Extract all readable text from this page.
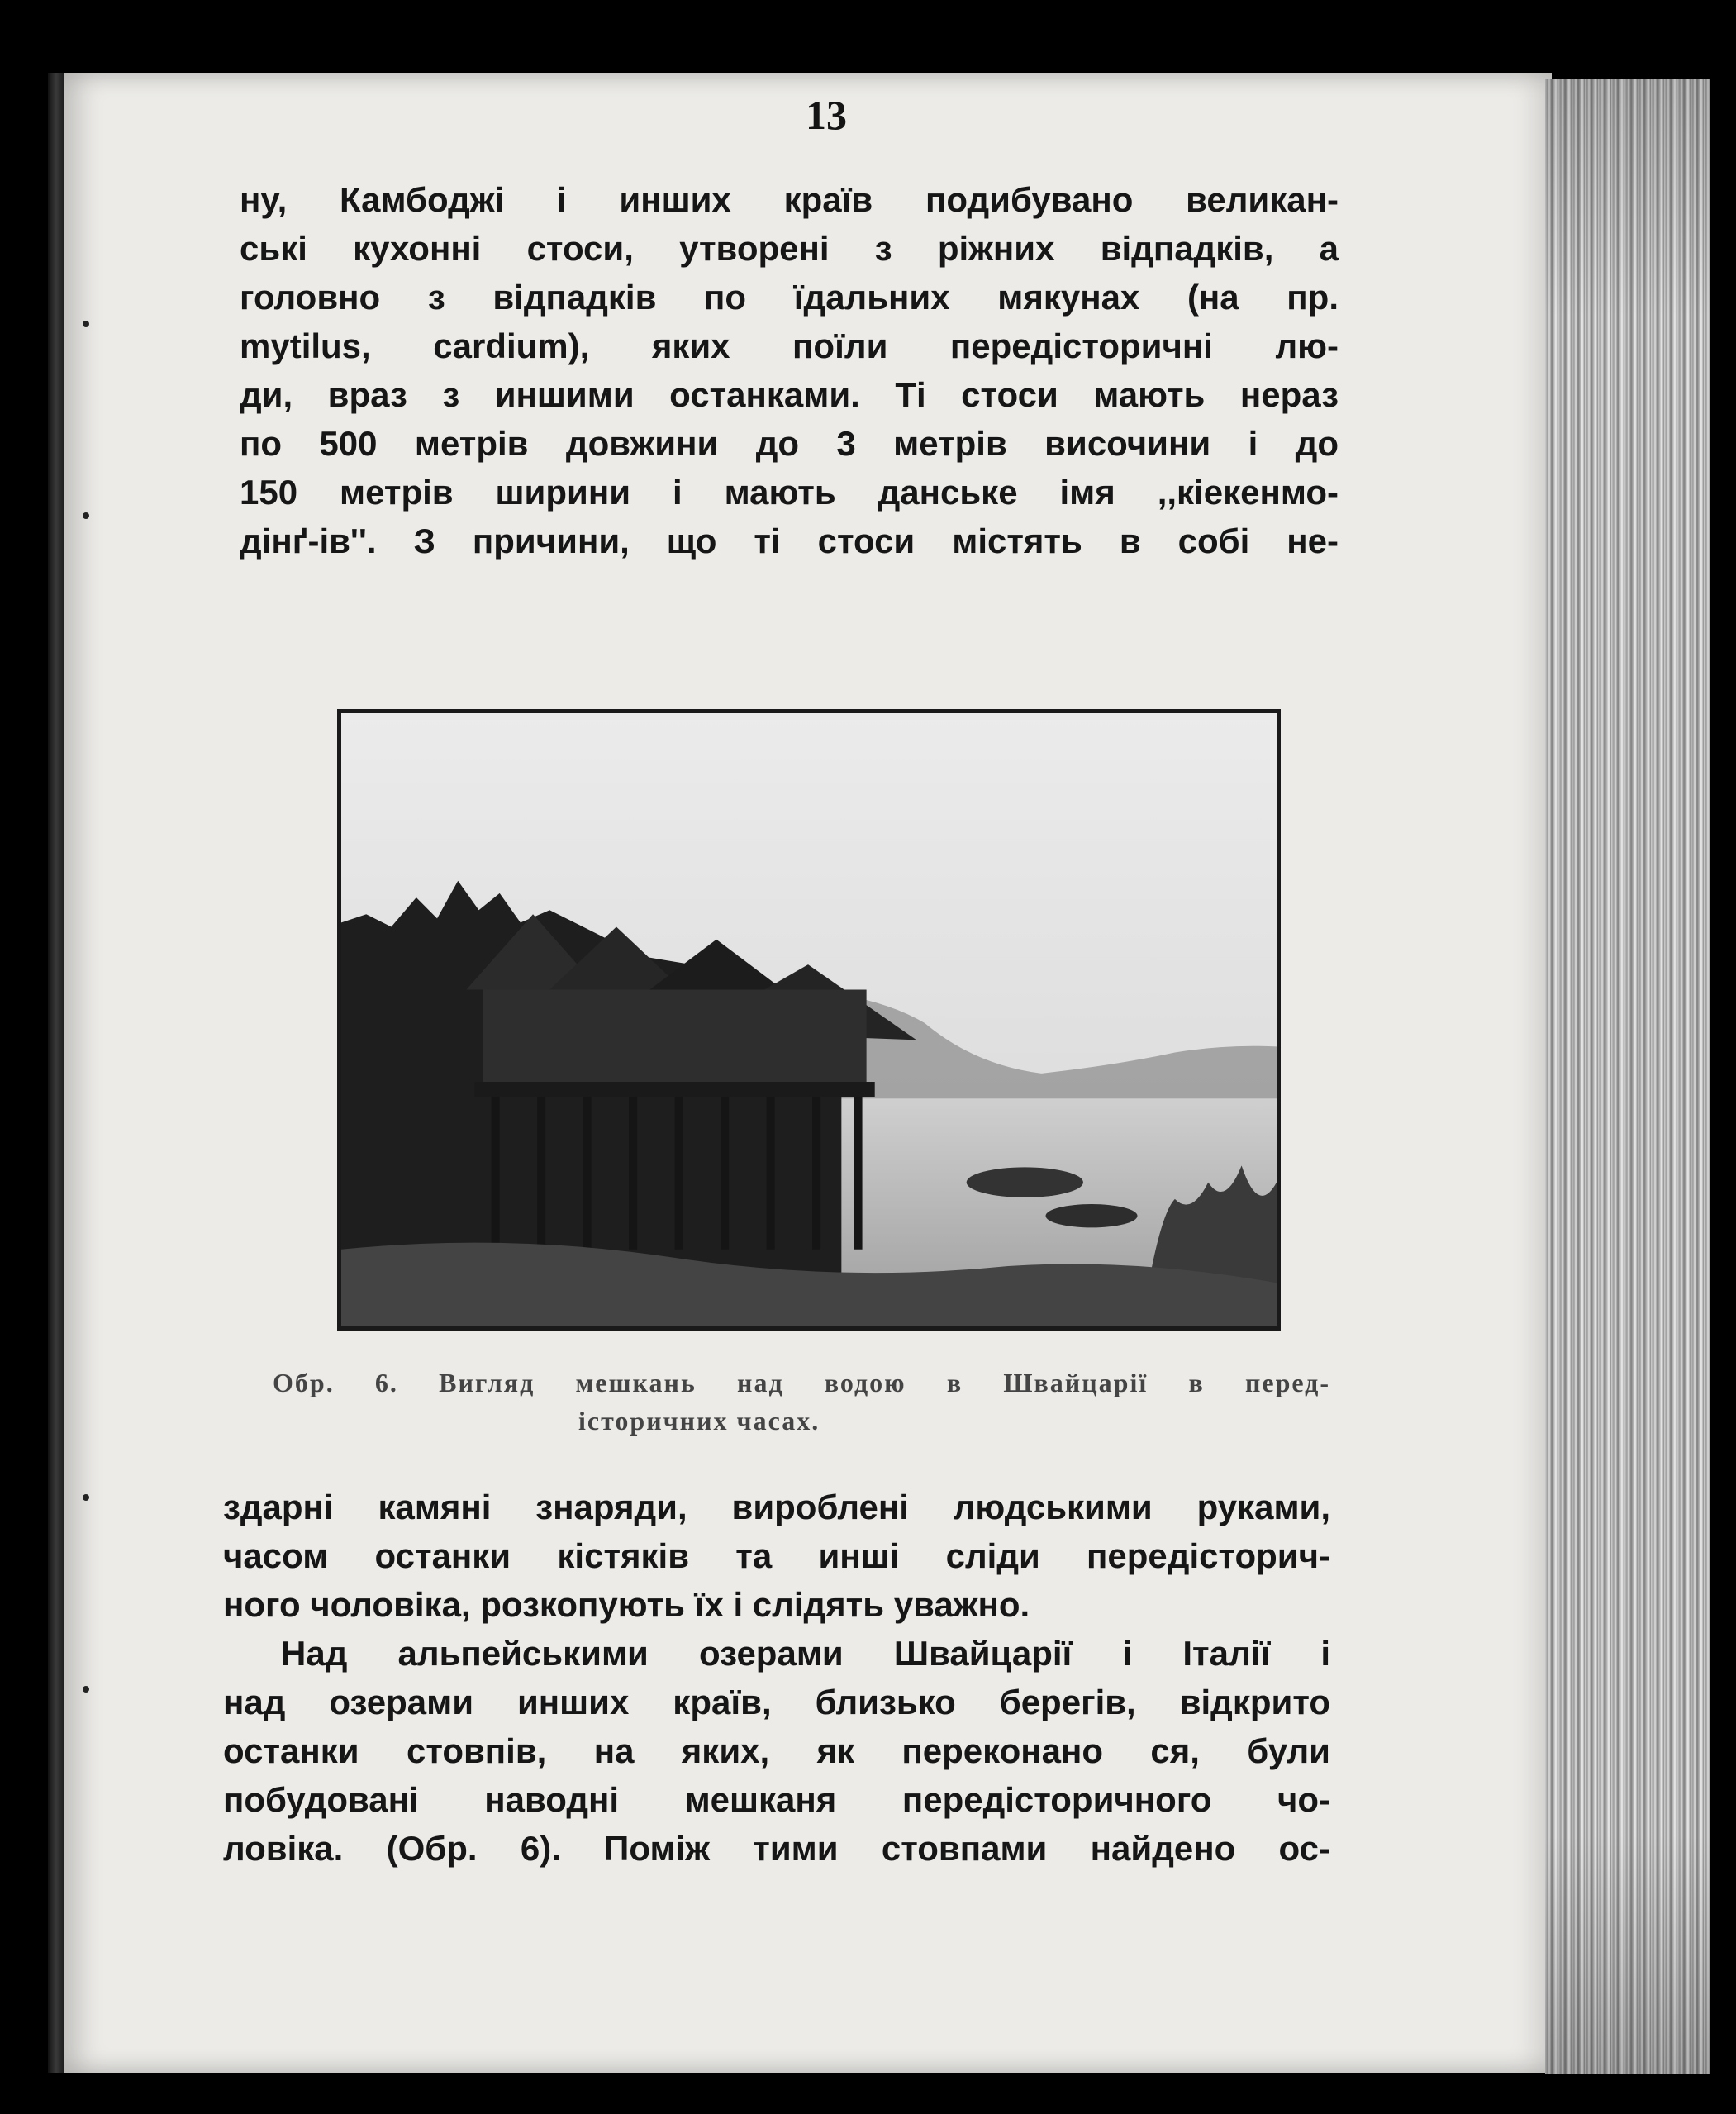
13
ну, Камбоджі і инших країв подибувано великан-
ські кухонні стоси, утворені з ріжних відпадків, а
головно з відпадків по їдальних мякунах (на пр.
mytilus, cardium), яких поїли передісторичні лю-
ди, враз з иншими останками. Ті стоси мають нераз
по 500 метрів довжини до 3 метрів височини і до
150 метрів ширини і мають данське імя ,,кіекенмо-
дінґ-ів''. З причини, що ті стоси містять в собі не-
Обр. 6. Вигляд мешкань над водою в Швайцарії в перед-
історичних часах.
здарні камяні знаряди, вироблені людськими руками,
часом останки кістяків та инші сліди передісторич-
ного чоловіка, розкопують їх і слідять уважно.
Над альпейськими озерами Швайцарії і Італії і
над озерами инших країв, близько берегів, відкрито
останки стовпів, на яких, як переконано ся, були
побудовані наводні мешканя передісторичного чо-
ловіка. (Обр. 6). Поміж тими стовпами найдено ос-
